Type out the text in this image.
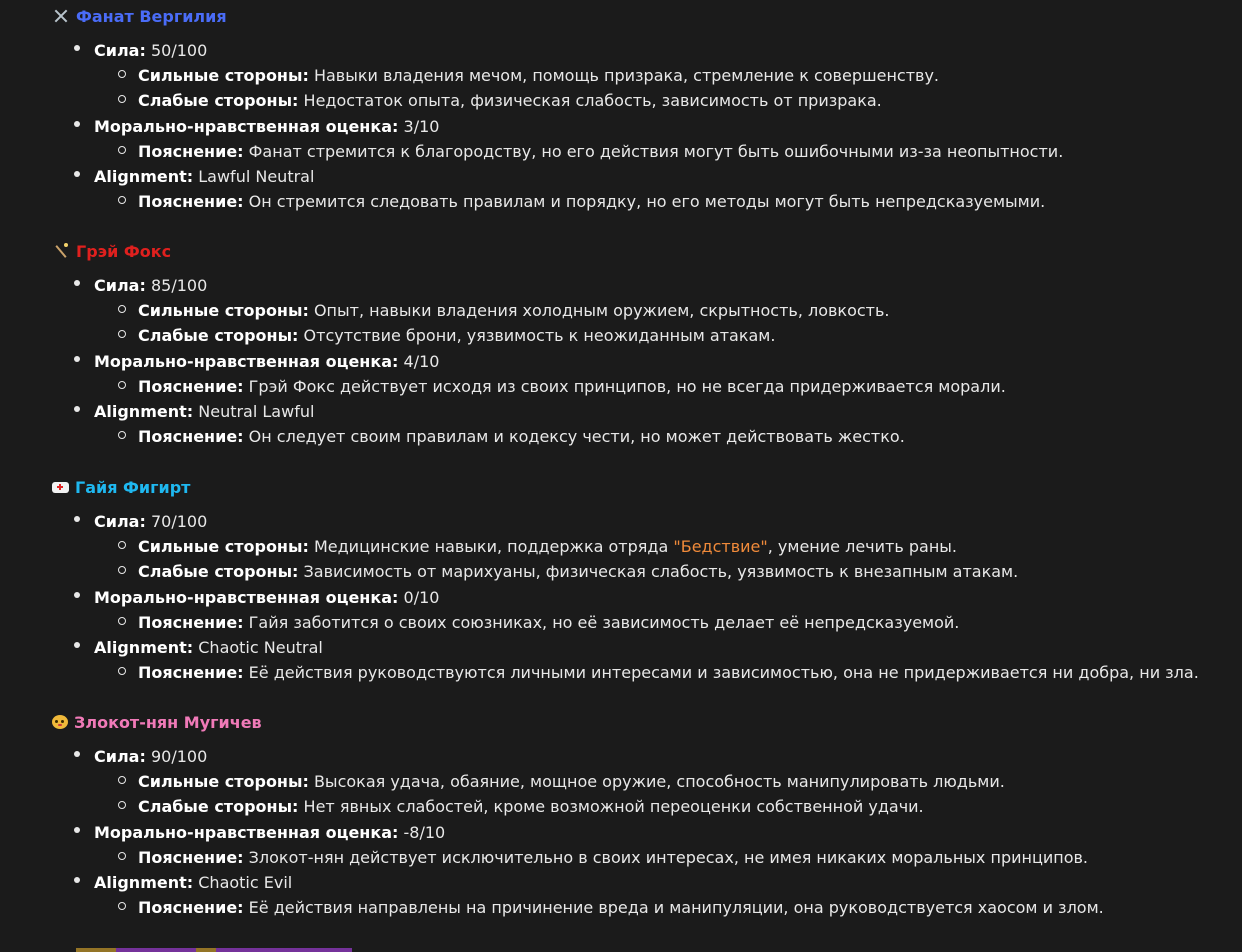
Фанат Вергилия
Сила: 50/100
Сильные стороны: Навыки владения мечом, помощь призрака, стремление к совершенству.
Слабые стороны: Недостаток опыта, физическая слабость, зависимость от призрака.
Морально-нравственная оценка: 3/10
Пояснение: Фанат стремится к благородству, но его действия могут быть ошибочными из-за неопытности.
Alignment: Lawful Neutral
Пояснение: Он стремится следовать правилам и порядку, но его методы могут быть непредсказуемыми.
Грэй Фокс
Сила: 85/100
Сильные стороны: Опыт, навыки владения холодным оружием, скрытность, ловкость.
Слабые стороны: Отсутствие брони, уязвимость к неожиданным атакам.
Морально-нравственная оценка: 4/10
Пояснение: Грэй Фокс действует исходя из своих принципов, но не всегда придерживается морали.
Alignment: Neutral Lawful
Пояснение: Он следует своим правилам и кодексу чести, но может действовать жестко.
Гайя Фигирт
Сила: 70/100
Сильные стороны: Медицинские навыки, поддержка отряда "Бедствие", умение лечить раны.
Слабые стороны: Зависимость от марихуаны, физическая слабость, уязвимость к внезапным атакам.
Морально-нравственная оценка: 0/10
Пояснение: Гайя заботится о своих союзниках, но её зависимость делает её непредсказуемой.
Alignment: Chaotic Neutral
Пояснение: Её действия руководствуются личными интересами и зависимостью, она не придерживается ни добра, ни зла.
Злокот-нян Мугичев
Сила: 90/100
Сильные стороны: Высокая удача, обаяние, мощное оружие, способность манипулировать людьми.
Слабые стороны: Нет явных слабостей, кроме возможной переоценки собственной удачи.
Морально-нравственная оценка: -8/10
Пояснение: Злокот-нян действует исключительно в своих интересах, не имея никаких моральных принципов.
Alignment: Chaotic Evil
Пояснение: Её действия направлены на причинение вреда и манипуляции, она руководствуется хаосом и злом.
